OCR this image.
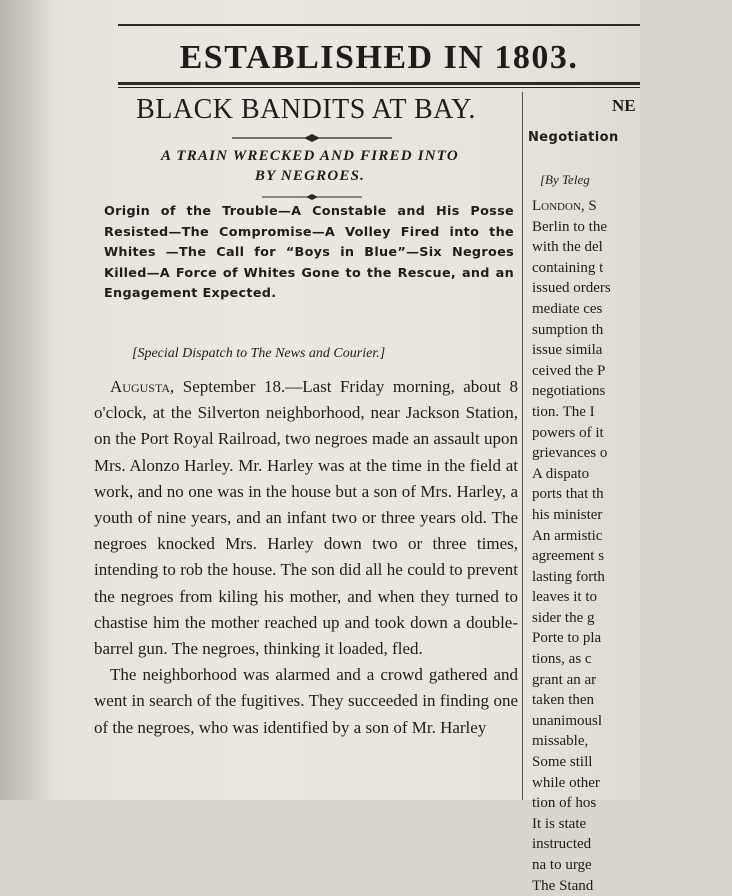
ESTABLISHED IN 1803.
BLACK BANDITS AT BAY.
A TRAIN WRECKED AND FIRED INTO
BY NEGROES.
Origin of the Trouble—A Constable and His Posse Resisted—The Compromise—A Volley Fired into the Whites —The Call for “Boys in Blue”—Six Negroes Killed—A Force of Whites Gone to the Rescue, and an Engagement Expected.
[Special Dispatch to The News and Courier.]

Augusta, September 18.—Last Friday morning, about 8 o'clock, at the Silverton neighborhood, near Jackson Station, on the Port Royal Railroad, two negroes made an assault upon Mrs. Alonzo Harley. Mr. Harley was at the time in the field at work, and no one was in the house but a son of Mrs. Harley, a youth of nine years, and an infant two or three years old. The negroes knocked Mrs. Harley down two or three times, intending to rob the house. The son did all he could to prevent the negroes from kiling his mother, and when they turned to chastise him the mother reached up and took down a double-barrel gun. The negroes, thinking it loaded, fled.

The neighborhood was alarmed and a crowd gathered and went in search of the fugitives. They succeeded in finding one of the negroes, who was identified by a son of Mr. Harley

NE
Negotiation
[By Teleg
London, S
Berlin to the
with the del
containing t
issued orders
mediate ces
sumption th
issue simila
ceived the P
negotiations
tion. The I
powers of it
grievances o
A dispato
ports that th
his minister
An armistic
agreement s
lasting forth
leaves it to
sider the g
Porte to pla
tions, as c
grant an ar
taken then
unanimousl
missable,
Some still
while other
tion of hos
It is state
instructed
na to urge
The Stand
